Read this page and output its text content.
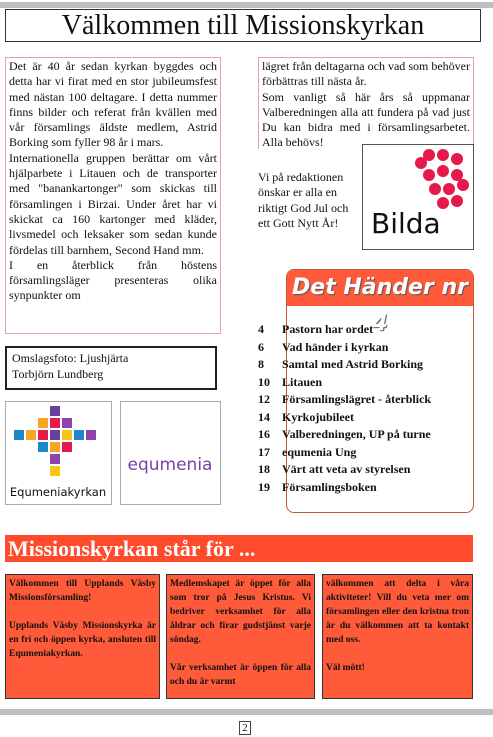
Välkommen till Missionskyrkan

Det är 40 år sedan kyrkan byggdes och detta har vi firat med en stor jubileumsfest med nästan 100 deltagare. I detta nummer finns bilder och referat från kvällen med vår församlings äldste medlem, Astrid Borking som fyller 98 år i mars.

Internationella gruppen berättar om vårt hjälparbete i Litauen och de transporter med "banankartonger" som skickas till församlingen i Birzai. Under året har vi skickat ca 160 kartonger med kläder, livsmedel och leksaker som sedan kunde fördelas till barnhem, Second Hand mm.

I en återblick från höstens församlingsläger presenteras olika synpunkter om

lägret från deltagarna och vad som behöver förbättras till nästa år.

Som vanligt så här års så uppmanar Valberedningen alla att fundera på vad just Du kan bidra med i församlingsarbetet. Alla behövs!

Vi på redaktionen önskar er alla en riktigt God Jul och ett Gott Nytt År!	Bilda
Omslagsfoto: Ljushjärta
Torbjörn Lundberg
Equmeniakyrkan
equmenia
Det Händer nr 4
4 Pastorn har ordet
6 Vad händer i kyrkan
8 Samtal med Astrid Borking
10 Litauen
12 Församlingslägret - återblick
14 Kyrkojubileet
16 Valberedningen, UP på turne
17 equmenia Ung
18 Värt att veta av styrelsen
19 Församlingsboken
Missionskyrkan står för ...

Välkommen till Upplands Väsby Missionsförsamling!

Upplands Väsby Missionskyrka är en fri och öppen kyrka, ansluten till Equmeniakyrkan.

Medlemskapet är öppet för alla som tror på Jesus Kristus. Vi bedriver verksamhet för alla åldrar och firar gudstjänst varje söndag.

Vår verksamhet är öppen för alla och du är varmt

välkommen att delta i våra aktiviteter! Vill du veta mer om församlingen eller den kristna tron är du välkommen att ta kontakt med oss.

Väl mött!

2
